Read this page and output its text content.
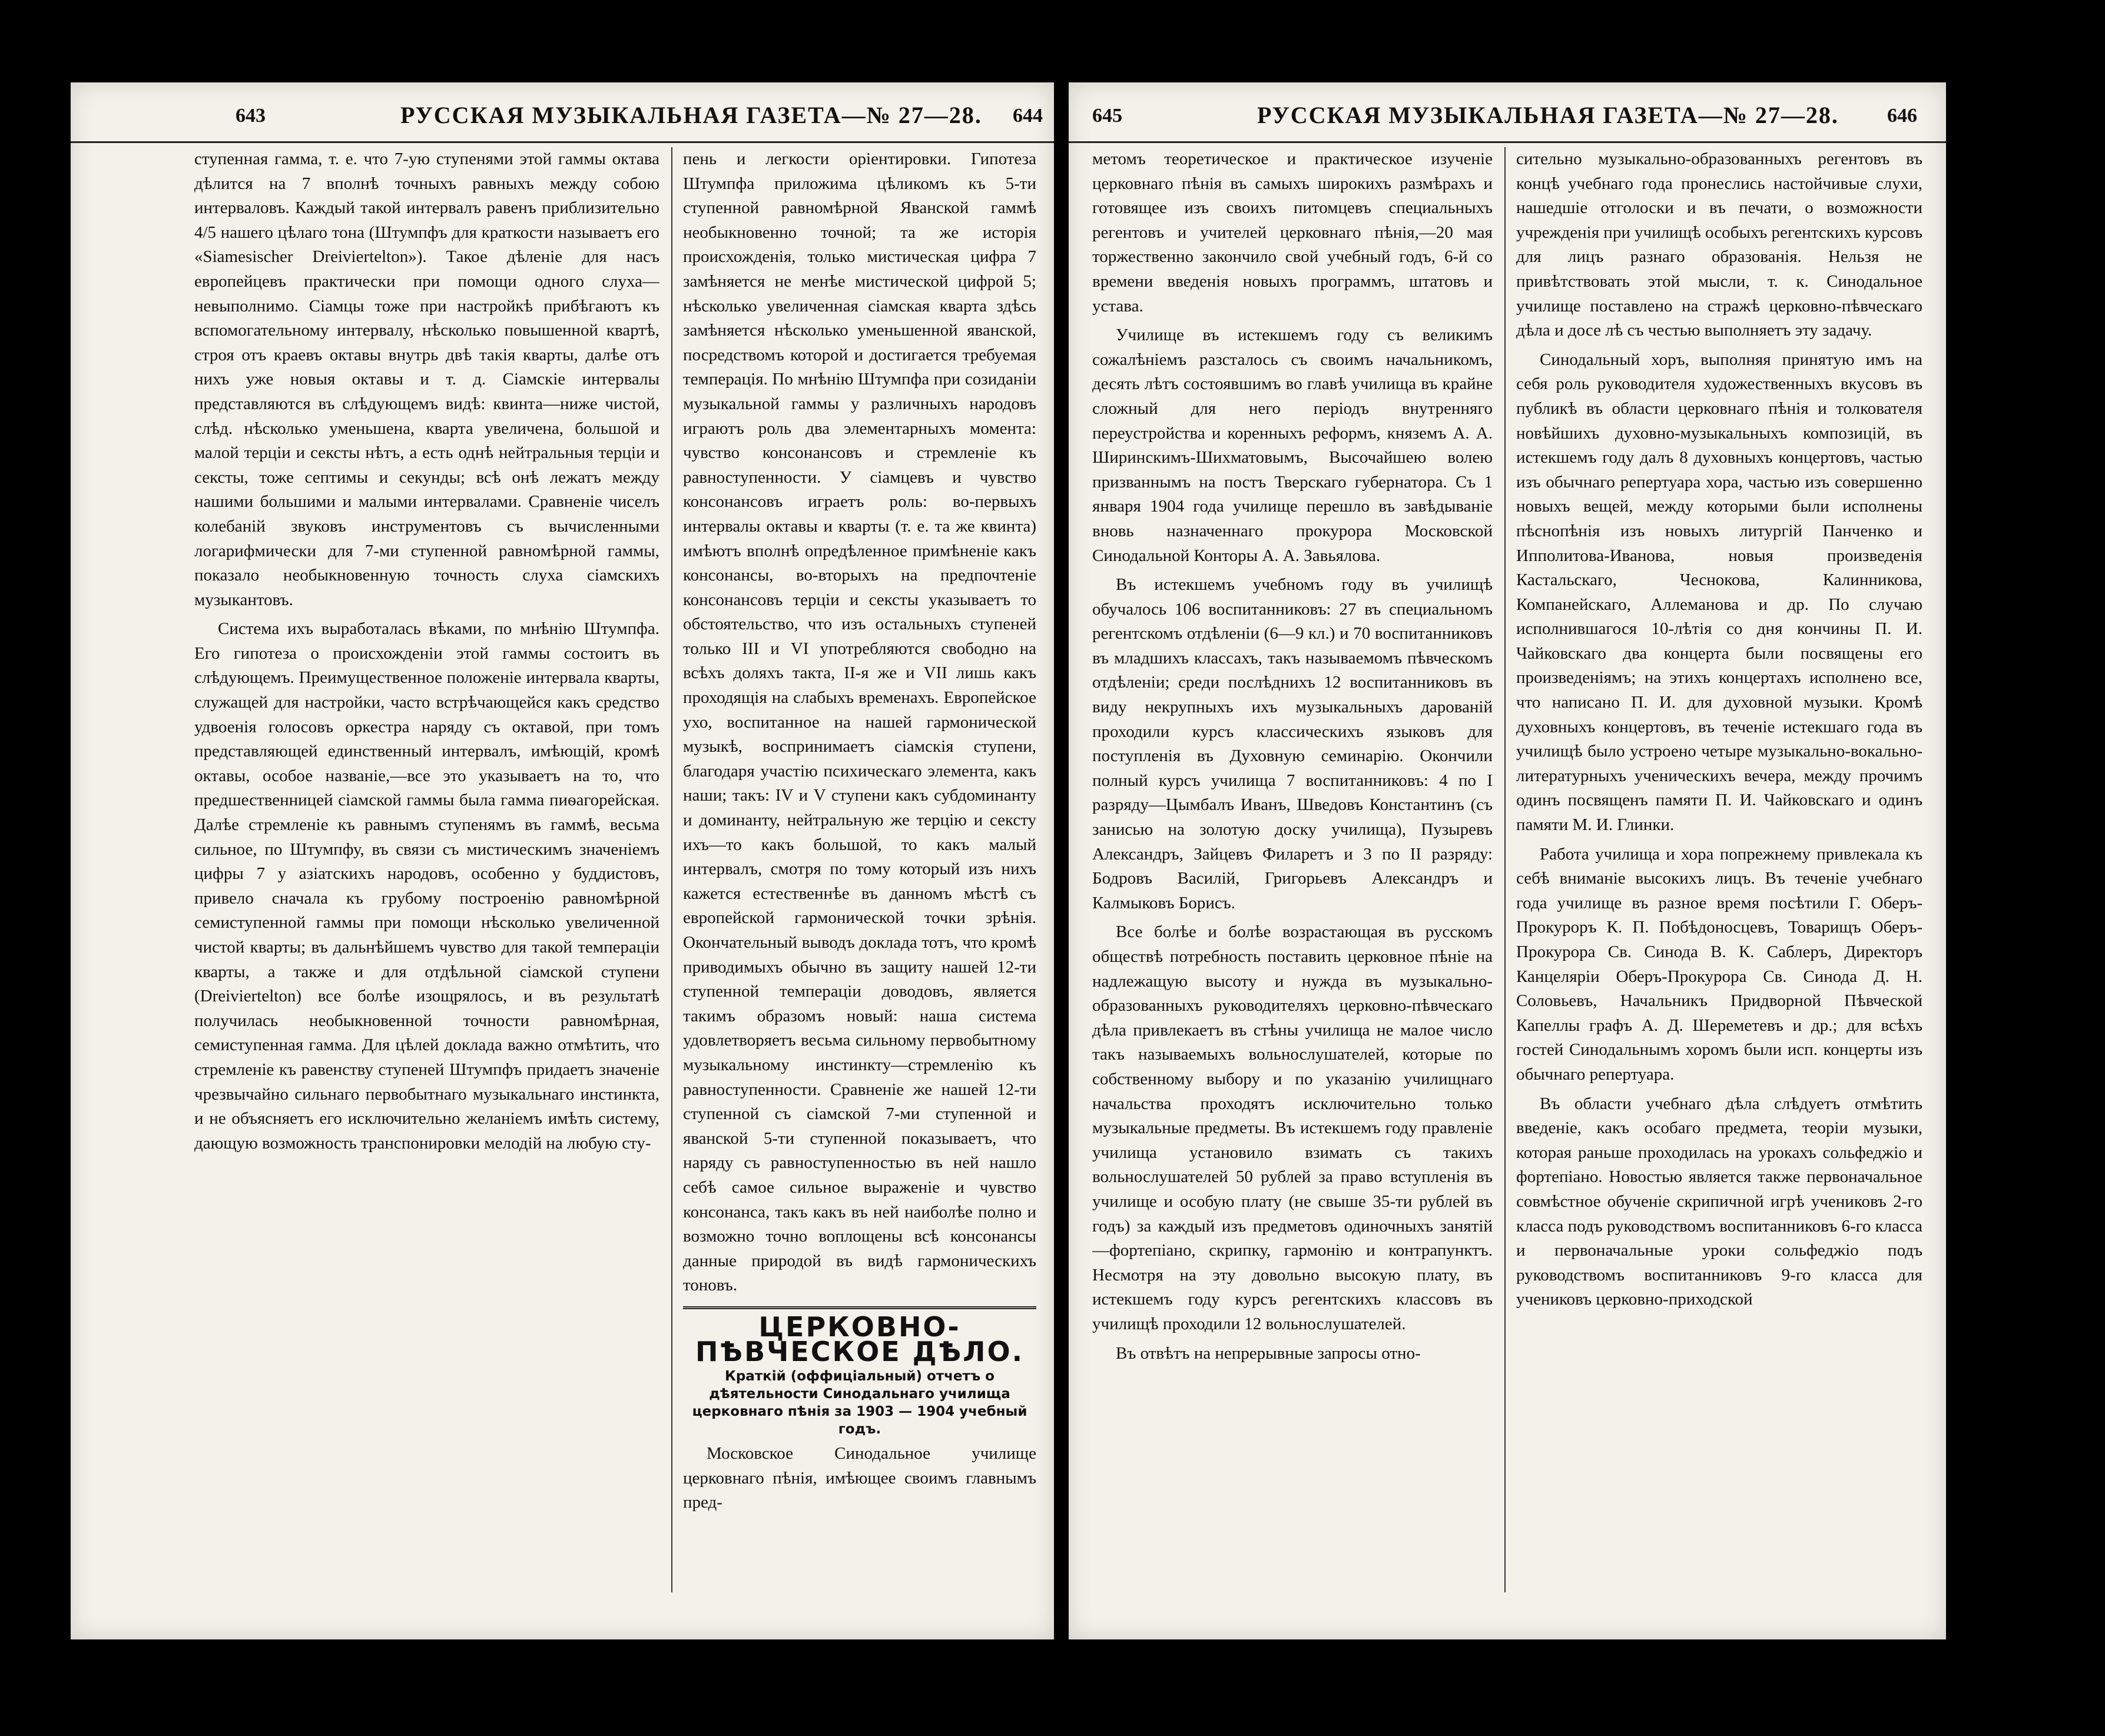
643	РУССКАЯ МУЗЫКАЛЬНАЯ ГАЗЕТА—№ 27—28. 644

ступенная гамма, т. е. что 7-ую ступенями этой гаммы октава дѣлится на 7 вполнѣ точныхъ равныхъ между собою интерваловъ. Каждый такой интервалъ равенъ приблизительно 4/5 нашего цѣлаго тона (Штумпфъ для краткости называетъ его «Siamesischer Dreiviertelton»). Такое дѣленіе для насъ европейцевъ практически при помощи одного слуха—невыполнимо. Сіамцы тоже при настройкѣ прибѣгаютъ къ вспомогательному интервалу, нѣсколько повышенной квартѣ, строя отъ краевъ октавы внутрь двѣ такія кварты, далѣе отъ нихъ уже новыя октавы и т. д. Сіамскіе интервалы представляются въ слѣдующемъ видѣ: квинта—ниже чистой, слѣд. нѣсколько уменьшена, кварта увеличена, большой и малой терціи и сексты нѣтъ, а есть однѣ нейтральныя терціи и сексты, тоже септимы и секунды; всѣ онѣ лежатъ между нашими большими и малыми интервалами. Сравненіе чиселъ колебаній звуковъ инструментовъ съ вычисленными логарифмически для 7-ми ступенной равномѣрной гаммы, показало необыкновенную точность слуха сіамскихъ музыкантовъ.

Система ихъ выработалась вѣками, по мнѣнію Штумпфа. Его гипотеза о происхожденіи этой гаммы состоитъ въ слѣдующемъ. Преимущественное положеніе интервала кварты, служащей для настройки, часто встрѣчающейся какъ средство удвоенія голосовъ оркестра наряду съ октавой, при томъ представляющей единственный интервалъ, имѣющій, кромѣ октавы, особое названіе,—все это указываетъ на то, что предшественницей сіамской гаммы была гамма пиѳагорейская. Далѣе стремленіе къ равнымъ ступенямъ въ гаммѣ, весьма сильное, по Штумпфу, въ связи съ мистическимъ значеніемъ цифры 7 у азіатскихъ народовъ, особенно у буддистовъ, привело сначала къ грубому построенію равномѣрной семиступенной гаммы при помощи нѣсколько увеличенной чистой кварты; въ дальнѣйшемъ чувство для такой темпераціи кварты, а также и для отдѣльной сіамской ступени (Dreiviertelton) все болѣе изощрялось, и въ результатѣ получилась необыкновенной точности равномѣрная, семиступенная гамма. Для цѣлей доклада важно отмѣтить, что стремленіе къ равенству ступеней Штумпфъ придаетъ значеніе чрезвычайно сильнаго первобытнаго музыкальнаго инстинкта, и не объясняетъ его исключительно желаніемъ имѣть систему, дающую возможность транспонировки мелодій на любую сту-

пень и легкости оріентировки. Гипотеза Штумпфа приложима цѣликомъ къ 5-ти ступенной равномѣрной Яванской гаммѣ необыкновенно точной; та же исторія происхожденія, только мистическая цифра 7 замѣняется не менѣе мистической цифрой 5; нѣсколько увеличенная сіамская кварта здѣсь замѣняется нѣсколько уменьшенной яванской, посредствомъ которой и достигается требуемая темперація. По мнѣнію Штумпфа при созиданіи музыкальной гаммы у различныхъ народовъ играютъ роль два элементарныхъ момента: чувство консонансовъ и стремленіе къ равноступенности. У сіамцевъ и чувство консонансовъ играетъ роль: во-первыхъ интервалы октавы и кварты (т. е. та же квинта) имѣютъ вполнѣ опредѣленное примѣненіе какъ консонансы, во-вторыхъ на предпочтеніе консонансовъ терціи и сексты указываетъ то обстоятельство, что изъ остальныхъ ступеней только III и VI употребляются свободно на всѣхъ доляхъ такта, II-я же и VII лишь какъ проходящія на слабыхъ временахъ. Европейское ухо, воспитанное на нашей гармонической музыкѣ, воспринимаетъ сіамскія ступени, благодаря участію психическаго элемента, какъ наши; такъ: IV и V ступени какъ субдоминанту и доминанту, нейтральную же терцію и сексту ихъ—то какъ большой, то какъ малый интервалъ, смотря по тому который изъ нихъ кажется естественнѣе въ данномъ мѣстѣ съ европейской гармонической точки зрѣнія. Окончательный выводъ доклада тотъ, что кромѣ приводимыхъ обычно въ защиту нашей 12-ти ступенной темпераціи доводовъ, является такимъ образомъ новый: наша система удовлетворяетъ весьма сильному первобытному музыкальному инстинкту—стремленію къ равноступенности. Сравненіе же нашей 12-ти ступенной съ сіамской 7-ми ступенной и яванской 5-ти ступенной показываетъ, что наряду съ равноступенностью въ ней нашло себѣ самое сильное выраженіе и чувство консонанса, такъ какъ въ ней наиболѣе полно и возможно точно воплощены всѣ консонансы данные природой въ видѣ гармоническихъ тоновъ.

ЦЕРКОВНО-ПѢВЧЕСКОЕ ДѢЛО.
Краткій (оффиціальный) отчетъ о дѣятельности Синодальнаго училища церковнаго пѣнія за 1903 — 1904 учебный годъ.

Московское Синодальное училище церковнаго пѣнія, имѣющее своимъ главнымъ пред-

645	РУССКАЯ МУЗЫКАЛЬНАЯ ГАЗЕТА—№ 27—28. 646

метомъ теоретическое и практическое изученіе церковнаго пѣнія въ самыхъ широкихъ размѣрахъ и готовящее изъ своихъ питомцевъ специальныхъ регентовъ и учителей церковнаго пѣнія,—20 мая торжественно закончило свой учебный годъ, 6-й со времени введенія новыхъ программъ, штатовъ и устава.

Училище въ истекшемъ году съ великимъ сожалѣніемъ разсталось съ своимъ начальникомъ, десять лѣтъ состоявшимъ во главѣ училища въ крайне сложный для него періодъ внутренняго переустройства и коренныхъ реформъ, княземъ А. А. Ширинскимъ-Шихматовымъ, Высочайшею волею призваннымъ на постъ Тверскаго губернатора. Съ 1 января 1904 года училище перешло въ завѣдываніе вновь назначеннаго прокурора Московской Синодальной Конторы А. А. Завьялова.

Въ истекшемъ учебномъ году въ училищѣ обучалось 106 воспитанниковъ: 27 въ специальномъ регентскомъ отдѣленіи (6—9 кл.) и 70 воспитанниковъ въ младшихъ классахъ, такъ называемомъ пѣвческомъ отдѣленіи; среди послѣднихъ 12 воспитанниковъ въ виду некрупныхъ ихъ музыкальныхъ дарованій проходили курсъ классическихъ языковъ для поступленія въ Духовную семинарію. Окончили полный курсъ училища 7 воспитанниковъ: 4 по I разряду—Цымбалъ Иванъ, Шведовъ Константинъ (съ занисью на золотую доску училища), Пузыревъ Александръ, Зайцевъ Филаретъ и 3 по II разряду: Бодровъ Василій, Григорьевъ Александръ и Калмыковъ Борисъ.

Все болѣе и болѣе возрастающая въ русскомъ обществѣ потребность поставить церковное пѣніе на надлежащую высоту и нужда въ музыкально-образованныхъ руководителяхъ церковно-пѣвческаго дѣла привлекаетъ въ стѣны училища не малое число такъ называемыхъ вольнослушателей, которые по собственному выбору и по указанію училищнаго начальства проходятъ исключительно только музыкальные предметы. Въ истекшемъ году правленіе училища установило взимать съ такихъ вольнослушателей 50 рублей за право вступленія въ училище и особую плату (не свыше 35-ти рублей въ годъ) за каждый изъ предметовъ одиночныхъ занятій—фортепіано, скрипку, гармонію и контрапунктъ. Несмотря на эту довольно высокую плату, въ истекшемъ году курсъ регентскихъ классовъ въ училищѣ проходили 12 вольнослушателей.

Въ отвѣтъ на непрерывные запросы отно-

сительно музыкально-образованныхъ регентовъ въ концѣ учебнаго года пронеслись настойчивые слухи, нашедшіе отголоски и въ печати, о возможности учрежденія при училищѣ особыхъ регентскихъ курсовъ для лицъ разнаго образованія. Нельзя не привѣтствовать этой мысли, т. к. Синодальное училище поставлено на стражѣ церковно-пѣвческаго дѣла и досе лѣ съ честью выполняетъ эту задачу.

Синодальный хоръ, выполняя принятую имъ на себя роль руководителя художественныхъ вкусовъ въ публикѣ въ области церковнаго пѣнія и толкователя новѣйшихъ духовно-музыкальныхъ композицій, въ истекшемъ году далъ 8 духовныхъ концертовъ, частью изъ обычнаго репертуара хора, частью изъ совершенно новыхъ вещей, между которыми были исполнены пѣснопѣнія изъ новыхъ литургій Панченко и Ипполитова-Иванова, новыя произведенія Кастальскаго, Чеснокова, Калинникова, Компанейскаго, Аллеманова и др. По случаю исполнившагося 10-лѣтія со дня кончины П. И. Чайковскаго два концерта были посвящены его произведеніямъ; на этихъ концертахъ исполнено все, что написано П. И. для духовной музыки. Кромѣ духовныхъ концертовъ, въ теченіе истекшаго года въ училищѣ было устроено четыре музыкально-вокально-литературныхъ ученическихъ вечера, между прочимъ одинъ посвященъ памяти П. И. Чайковскаго и одинъ памяти М. И. Глинки.

Работа училища и хора попрежнему привлекала къ себѣ вниманіе высокихъ лицъ. Въ теченіе учебнаго года училище въ разное время посѣтили Г. Оберъ-Прокуроръ К. П. Побѣдоносцевъ, Товарищъ Оберъ-Прокурора Св. Синода В. К. Саблеръ, Директоръ Канцеляріи Оберъ-Прокурора Св. Синода Д. Н. Соловьевъ, Начальникъ Придворной Пѣвческой Капеллы графъ А. Д. Шереметевъ и др.; для всѣхъ гостей Синодальнымъ хоромъ были исп. концерты изъ обычнаго репертуара.

Въ области учебнаго дѣла слѣдуетъ отмѣтить введеніе, какъ особаго предмета, теоріи музыки, которая раньше проходилась на урокахъ сольфеджіо и фортепіано. Новостью является также первоначальное совмѣстное обученіе скрипичной игрѣ учениковъ 2-го класса подъ руководствомъ воспитанниковъ 6-го класса и первоначальные уроки сольфеджіо подъ руководствомъ воспитанниковъ 9-го класса для учениковъ церковно-приходской
